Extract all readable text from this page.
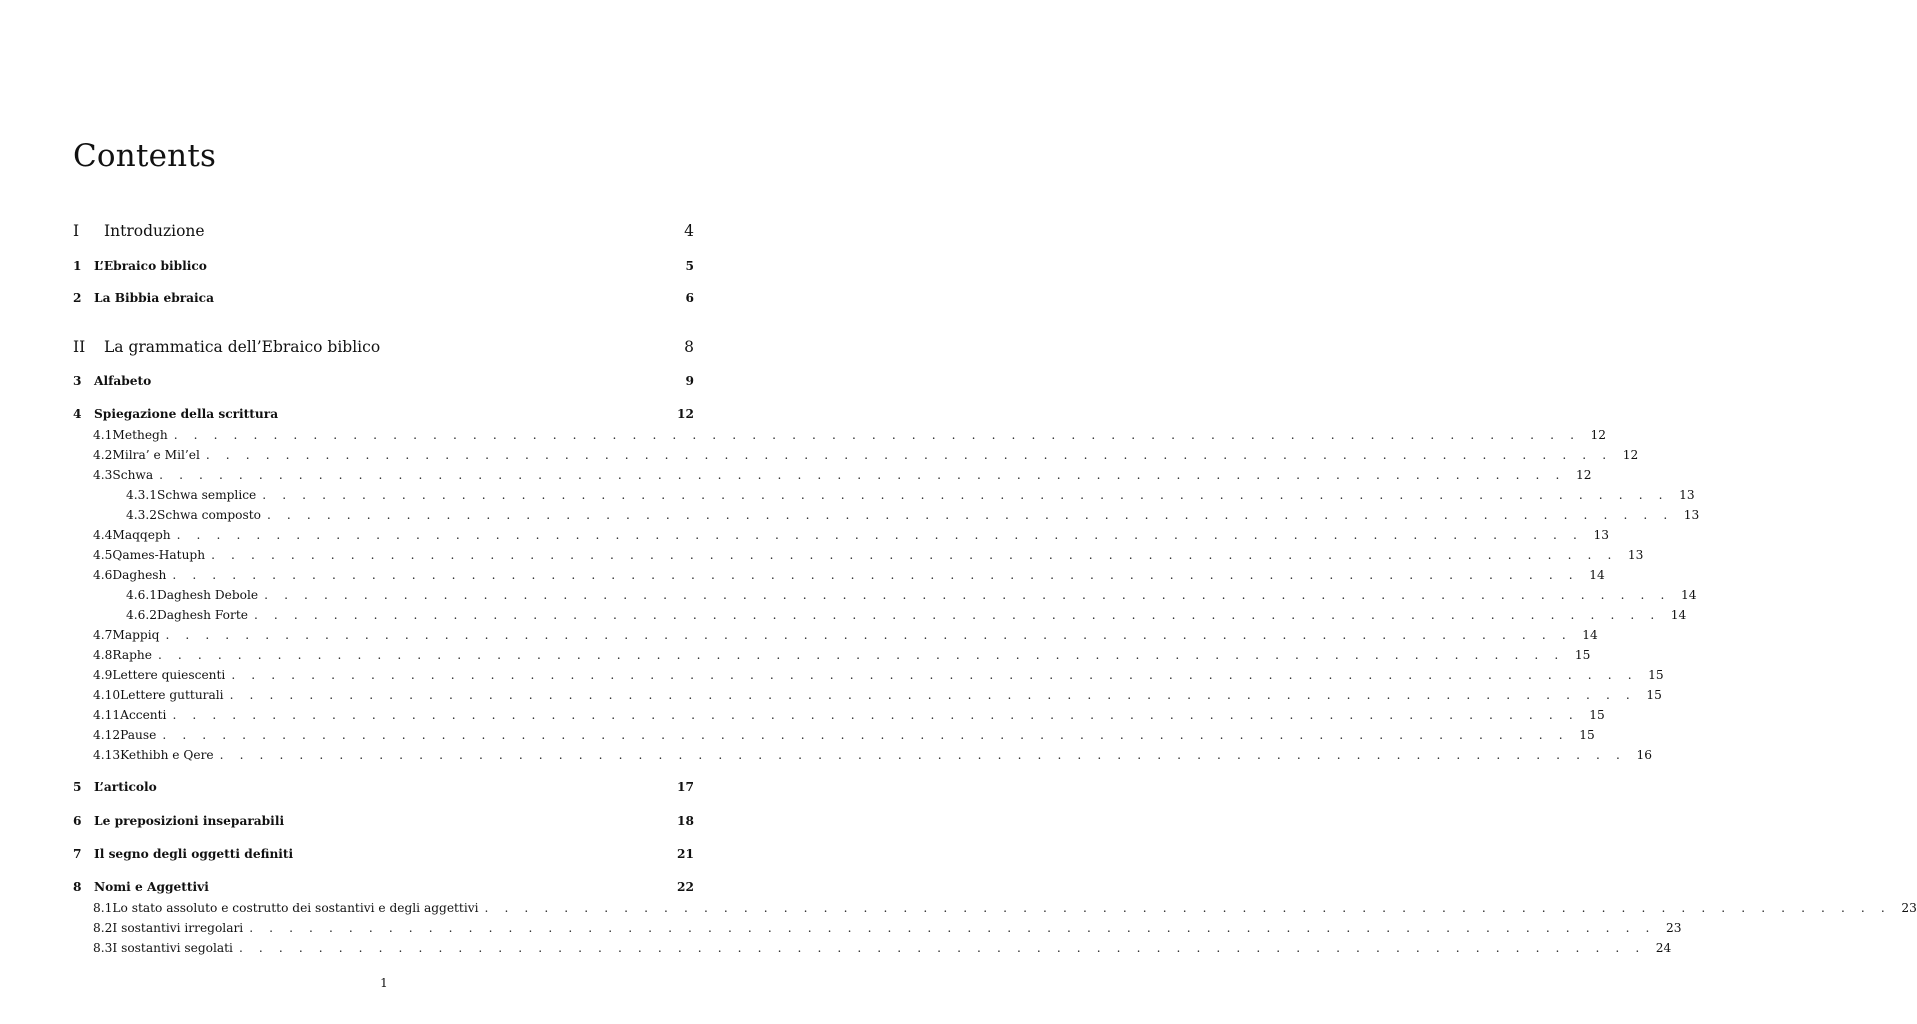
Contents
I	Introduzione	4
1	L’Ebraico biblico	5
2	La Bibbia ebraica	6
II	La grammatica dell’Ebraico biblico	8
3	Alfabeto	9
4	Spiegazione della scrittura	12
4.1 Methegh . . . . . . . . . . . . . . . . . . . . . . . . . . . . . . . . . . . . . . . . . . . . . . . . . . . . . . . . . . . . . . . . . . . . . . . 12
4.2 Milra’ e Mil’el . . . . . . . . . . . . . . . . . . . . . . . . . . . . . . . . . . . . . . . . . . . . . . . . . . . . . . . . . . . . . . . . . . . . . . . 12
4.3 Schwa . . . . . . . . . . . . . . . . . . . . . . . . . . . . . . . . . . . . . . . . . . . . . . . . . . . . . . . . . . . . . . . . . . . . . . . 12
4.3.1 Schwa semplice . . . . . . . . . . . . . . . . . . . . . . . . . . . . . . . . . . . . . . . . . . . . . . . . . . . . . . . . . . . . . . . . . . . . . . . 13
4.3.2 Schwa composto . . . . . . . . . . . . . . . . . . . . . . . . . . . . . . . . . . . . . . . . . . . . . . . . . . . . . . . . . . . . . . . . . . . . . . . 13
4.4 Maqqeph . . . . . . . . . . . . . . . . . . . . . . . . . . . . . . . . . . . . . . . . . . . . . . . . . . . . . . . . . . . . . . . . . . . . . . . 13
4.5 Qames-Hatuph . . . . . . . . . . . . . . . . . . . . . . . . . . . . . . . . . . . . . . . . . . . . . . . . . . . . . . . . . . . . . . . . . . . . . . . 13
4.6 Daghesh . . . . . . . . . . . . . . . . . . . . . . . . . . . . . . . . . . . . . . . . . . . . . . . . . . . . . . . . . . . . . . . . . . . . . . . 14
4.6.1 Daghesh Debole . . . . . . . . . . . . . . . . . . . . . . . . . . . . . . . . . . . . . . . . . . . . . . . . . . . . . . . . . . . . . . . . . . . . . . . 14
4.6.2 Daghesh Forte . . . . . . . . . . . . . . . . . . . . . . . . . . . . . . . . . . . . . . . . . . . . . . . . . . . . . . . . . . . . . . . . . . . . . . . 14
4.7 Mappiq . . . . . . . . . . . . . . . . . . . . . . . . . . . . . . . . . . . . . . . . . . . . . . . . . . . . . . . . . . . . . . . . . . . . . . . 14
4.8 Raphe . . . . . . . . . . . . . . . . . . . . . . . . . . . . . . . . . . . . . . . . . . . . . . . . . . . . . . . . . . . . . . . . . . . . . . . 15
4.9 Lettere quiescenti . . . . . . . . . . . . . . . . . . . . . . . . . . . . . . . . . . . . . . . . . . . . . . . . . . . . . . . . . . . . . . . . . . . . . . . 15
4.10 Lettere gutturali . . . . . . . . . . . . . . . . . . . . . . . . . . . . . . . . . . . . . . . . . . . . . . . . . . . . . . . . . . . . . . . . . . . . . . . 15
4.11 Accenti . . . . . . . . . . . . . . . . . . . . . . . . . . . . . . . . . . . . . . . . . . . . . . . . . . . . . . . . . . . . . . . . . . . . . . . 15
4.12 Pause . . . . . . . . . . . . . . . . . . . . . . . . . . . . . . . . . . . . . . . . . . . . . . . . . . . . . . . . . . . . . . . . . . . . . . . 15
4.13 Kethibh e Qere . . . . . . . . . . . . . . . . . . . . . . . . . . . . . . . . . . . . . . . . . . . . . . . . . . . . . . . . . . . . . . . . . . . . . . . 16
5	L’articolo	17
6	Le preposizioni inseparabili	18
7	Il segno degli oggetti definiti	21
8	Nomi e Aggettivi	22
8.1 Lo stato assoluto e costrutto dei sostantivi e degli aggettivi . . . . . . . . . . . . . . . . . . . . . . . . . . . . . . . . . . . . . . . . . . . . . . . . . . . . . . . . . . . . . . . . . . . . . . . 23
8.2 I sostantivi irregolari . . . . . . . . . . . . . . . . . . . . . . . . . . . . . . . . . . . . . . . . . . . . . . . . . . . . . . . . . . . . . . . . . . . . . . . 23
8.3 I sostantivi segolati . . . . . . . . . . . . . . . . . . . . . . . . . . . . . . . . . . . . . . . . . . . . . . . . . . . . . . . . . . . . . . . . . . . . . . . 24
1
